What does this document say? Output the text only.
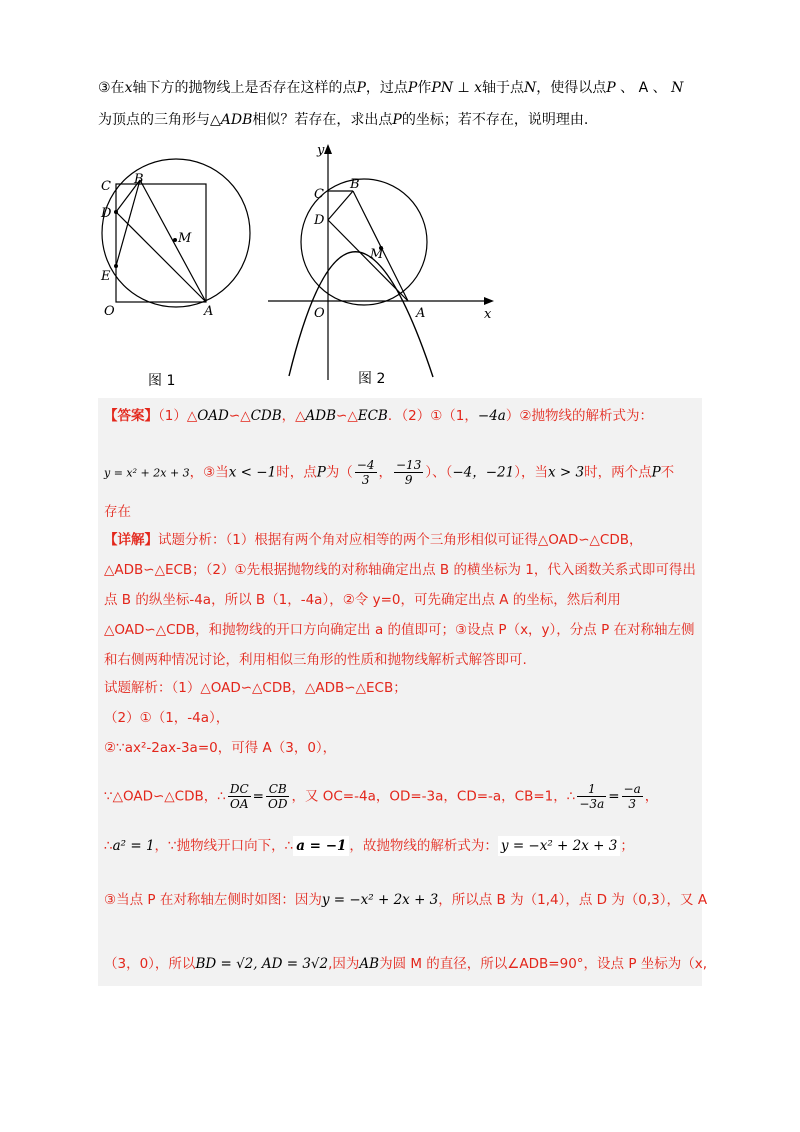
③在x轴下方的抛物线上是否存在这样的点P，过点P作PN ⊥ x轴于点N，使得以点P 、 A 、 N
为顶点的三角形与△ADB相似？若存在，求出点P的坐标；若不存在，说明理由.
B
C
D
M
E
O	A
图 1
y
C
B
D
M
O	A	x
图 2
【答案】（1）△OAD∽△CDB，△ADB∽△ECB．（2）①（1，−4a）②抛物线的解析式为：
y = x² + 2x + 3，③当x < −1时，点P为（ $\frac{-4}{3}$ ， $\frac{-13}{9}$ ）、（−4，−21），当x > 3时，两个点P不
存在
【详解】试题分析：（1）根据有两个角对应相等的两个三角形相似可证得△OAD∽△CDB，
△ADB∽△ECB；（2）①先根据抛物线的对称轴确定出点 B 的横坐标为 1，代入函数关系式即可得出
点 B 的纵坐标-4a，所以 B（1，-4a），②令 y=0，可先确定出点 A 的坐标，然后利用
△OAD∽△CDB，和抛物线的开口方向确定出 a 的值即可；③设点 P（x，y），分点 P 在对称轴左侧
和右侧两种情况讨论，利用相似三角形的性质和抛物线解析式解答即可.
试题解析：（1）△OAD∽△CDB，△ADB∽△ECB；
（2）①（1，-4a），
②∵ax²-2ax-3a=0，可得 A（3，0），
∵△OAD∽△CDB，∴ $\frac{DC}{OA} = \frac{CB}{OD}$ ，又 OC=-4a，OD=-3a，CD=-a，CB=1，∴ $\frac{1}{-3a} = \frac{-a}{3}$ ，
∴a² = 1，∵抛物线开口向下，∴ a = −1 ，故抛物线的解析式为： y = −x² + 2x + 3 ；
③当点 P 在对称轴左侧时如图：因为y = −x² + 2x + 3，所以点 B 为（1,4），点 D 为（0,3），又 A
（3，0），所以BD = √2, AD = 3√2,因为AB为圆 M 的直径，所以∠ADB=90°，设点 P 坐标为（x,
